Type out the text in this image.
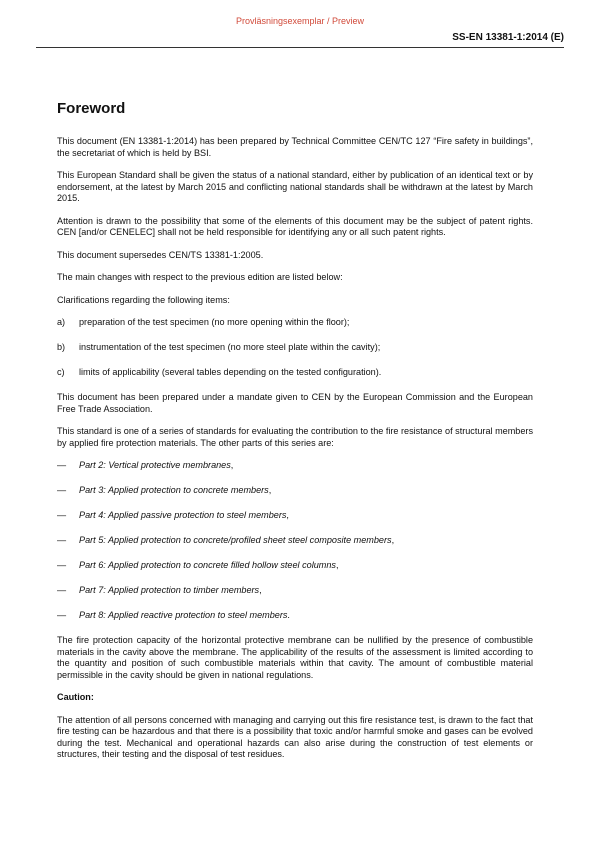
Provläsningsexemplar / Preview
SS-EN 13381-1:2014 (E)
Foreword

This document (EN 13381-1:2014) has been prepared by Technical Committee CEN/TC 127 “Fire safety in buildings”, the secretariat of which is held by BSI.

This European Standard shall be given the status of a national standard, either by publication of an identical text or by endorsement, at the latest by March 2015 and conflicting national standards shall be withdrawn at the latest by March 2015.

Attention is drawn to the possibility that some of the elements of this document may be the subject of patent rights. CEN [and/or CENELEC] shall not be held responsible for identifying any or all such patent rights.

This document supersedes CEN/TS 13381-1:2005.

The main changes with respect to the previous edition are listed below:

Clarifications regarding the following items:

a)	preparation of the test specimen (no more opening within the floor);
b)	instrumentation of the test specimen (no more steel plate within the cavity);
c)	limits of applicability (several tables depending on the tested configuration).

This document has been prepared under a mandate given to CEN by the European Commission and the European Free Trade Association.

This standard is one of a series of standards for evaluating the contribution to the fire resistance of structural members by applied fire protection materials. The other parts of this series are:

—	Part 2: Vertical protective membranes,
—	Part 3: Applied protection to concrete members,
—	Part 4: Applied passive protection to steel members,
—	Part 5: Applied protection to concrete/profiled sheet steel composite members,
—	Part 6: Applied protection to concrete filled hollow steel columns,
—	Part 7: Applied protection to timber members,
—	Part 8: Applied reactive protection to steel members.

The fire protection capacity of the horizontal protective membrane can be nullified by the presence of combustible materials in the cavity above the membrane. The applicability of the results of the assessment is limited according to the quantity and position of such combustible materials within that cavity. The amount of combustible material permissible in the cavity should be given in national regulations.

Caution:

The attention of all persons concerned with managing and carrying out this fire resistance test, is drawn to the fact that fire testing can be hazardous and that there is a possibility that toxic and/or harmful smoke and gases can be evolved during the test. Mechanical and operational hazards can also arise during the construction of test elements or structures, their testing and the disposal of test residues.
